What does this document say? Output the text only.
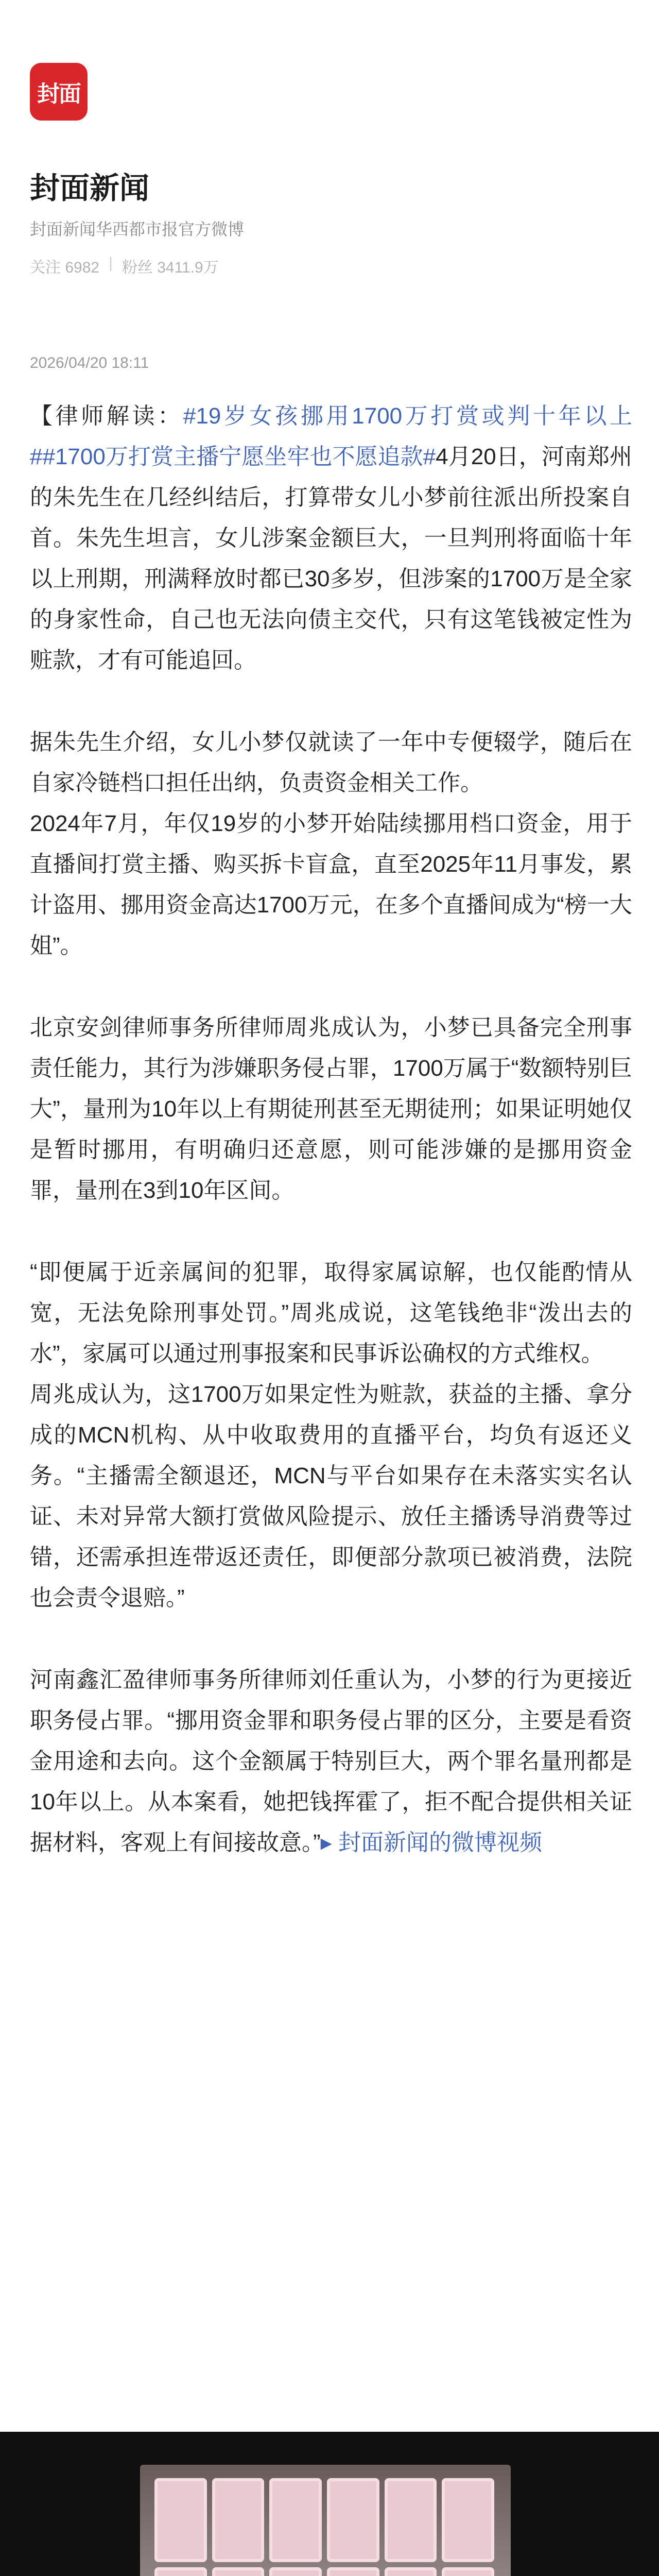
封面
封面新闻
封面新闻华西都市报官方微博
关注 6982 | 粉丝 3411.9万
2026/04/20 18:11

【律师解读：#19岁女孩挪用1700万打赏或判十年以上##1700万打赏主播宁愿坐牢也不愿追款#4月20日，河南郑州的朱先生在几经纠结后，打算带女儿小梦前往派出所投案自首。朱先生坦言，女儿涉案金额巨大，一旦判刑将面临十年以上刑期，刑满释放时都已30多岁，但涉案的1700万是全家的身家性命，自己也无法向债主交代，只有这笔钱被定性为赃款，才有可能追回。

据朱先生介绍，女儿小梦仅就读了一年中专便辍学，随后在自家冷链档口担任出纳，负责资金相关工作。

2024年7月，年仅19岁的小梦开始陆续挪用档口资金，用于直播间打赏主播、购买拆卡盲盒，直至2025年11月事发，累计盗用、挪用资金高达1700万元，在多个直播间成为“榜一大姐”。

北京安剑律师事务所律师周兆成认为，小梦已具备完全刑事责任能力，其行为涉嫌职务侵占罪，1700万属于“数额特别巨大”，量刑为10年以上有期徒刑甚至无期徒刑；如果证明她仅是暂时挪用，有明确归还意愿，则可能涉嫌的是挪用资金罪，量刑在3到10年区间。

“即便属于近亲属间的犯罪，取得家属谅解，也仅能酌情从宽，无法免除刑事处罚。”周兆成说，这笔钱绝非“泼出去的水”，家属可以通过刑事报案和民事诉讼确权的方式维权。

周兆成认为，这1700万如果定性为赃款，获益的主播、拿分成的MCN机构、从中收取费用的直播平台，均负有返还义务。“主播需全额退还，MCN与平台如果存在未落实实名认证、未对异常大额打赏做风险提示、放任主播诱导消费等过错，还需承担连带返还责任，即便部分款项已被消费，法院也会责令退赔。”

河南鑫汇盈律师事务所律师刘任重认为，小梦的行为更接近职务侵占罪。“挪用资金罪和职务侵占罪的区分，主要是看资金用途和去向。这个金额属于特别巨大，两个罪名量刑都是10年以上。从本案看，她把钱挥霍了，拒不配合提供相关证据材料，客观上有间接故意。”▸ 封面新闻的微博视频
